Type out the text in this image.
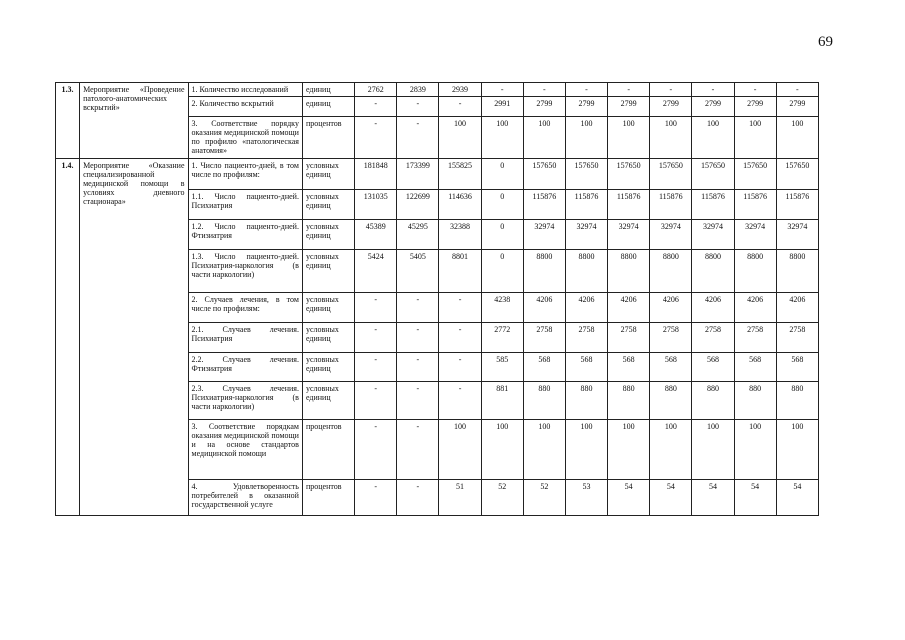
69
1.3.	Мероприятие «Проведение патолого-анатомических вскрытий»	1. Количество исследований	единиц	2762	2839	2939	-	-	-	-	-	-	-	-
		2. Количество вскрытий	единиц	-	-	-	2991	2799	2799	2799	2799	2799	2799	2799
		3. Соответствие порядку оказания медицинской помощи по профилю «патологическая анатомия»	процентов	-	-	100	100	100	100	100	100	100	100	100
1.4.	Мероприятие «Оказание специализированной медицинской помощи в условиях дневного стационара»	1. Число пациенто-дней, в том числе по профилям:	условных единиц	181848	173399	155825	0	157650	157650	157650	157650	157650	157650	157650
		1.1. Число пациенто-дней. Психиатрия	условных единиц	131035	122699	114636	0	115876	115876	115876	115876	115876	115876	115876
		1.2. Число пациенто-дней. Фтизиатрия	условных единиц	45389	45295	32388	0	32974	32974	32974	32974	32974	32974	32974
		1.3. Число пациенто-дней. Психиатрия-наркология (в части наркологии)	условных единиц	5424	5405	8801	0	8800	8800	8800	8800	8800	8800	8800
		2. Случаев лечения, в том числе по профилям:	условных единиц	-	-	-	4238	4206	4206	4206	4206	4206	4206	4206
		2.1. Случаев лечения. Психиатрия	условных единиц	-	-	-	2772	2758	2758	2758	2758	2758	2758	2758
		2.2. Случаев лечения. Фтизиатрия	условных единиц	-	-	-	585	568	568	568	568	568	568	568
		2.3. Случаев лечения. Психиатрия-наркология (в части наркологии)	условных единиц	-	-	-	881	880	880	880	880	880	880	880
		3. Соответствие порядкам оказания медицинской помощи и на основе стандартов медицинской помощи	процентов	-	-	100	100	100	100	100	100	100	100	100
		4. Удовлетворенность потребителей в оказанной государственной услуге	процентов	-	-	51	52	52	53	54	54	54	54	54
